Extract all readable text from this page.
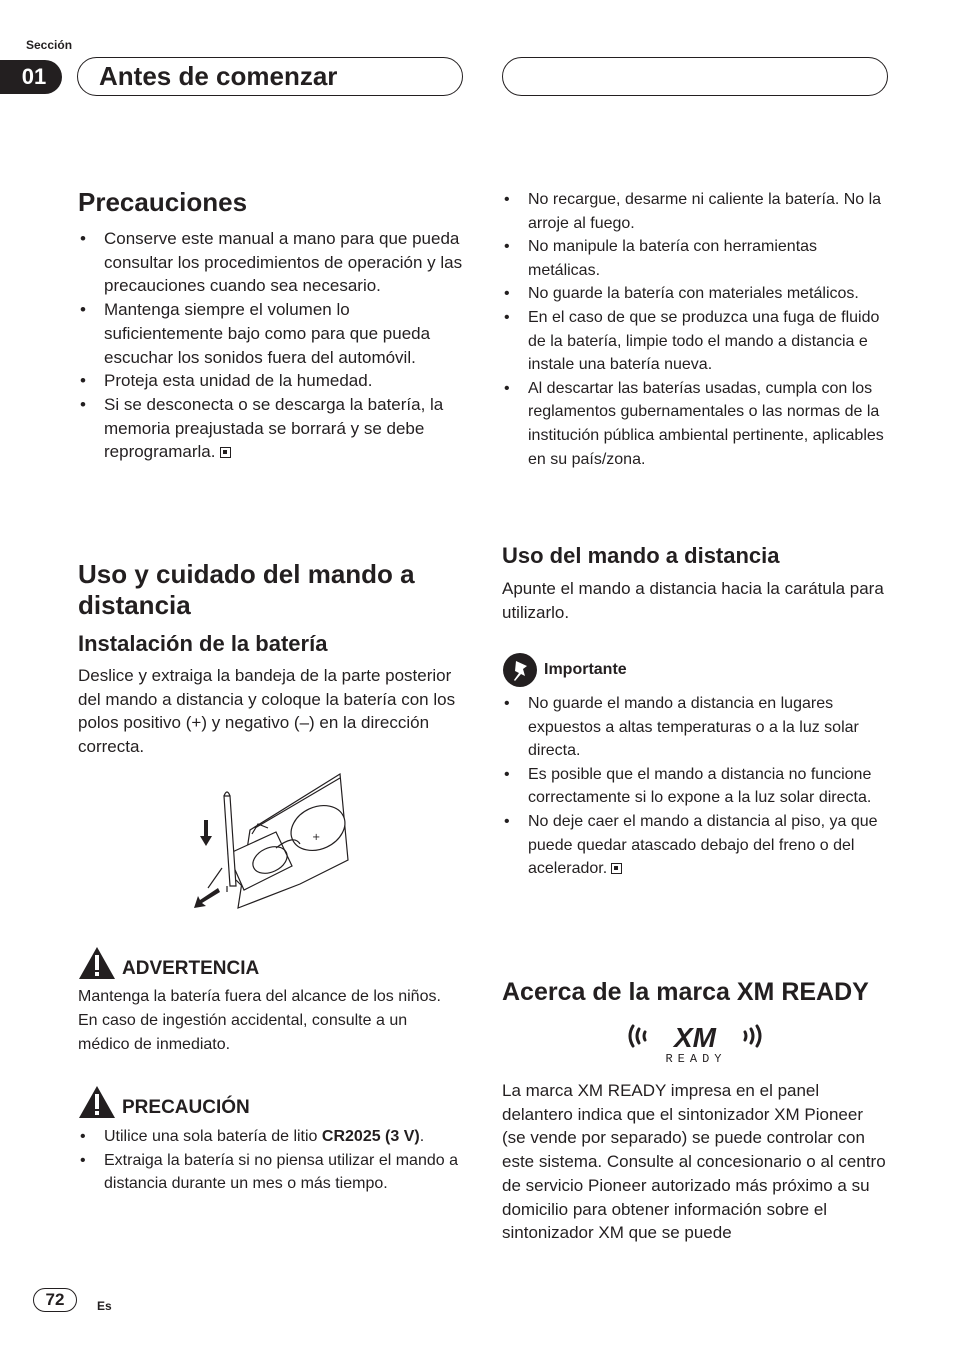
Sección
01	Antes de comenzar
Precauciones
• Conserve este manual a mano para que pueda consultar los procedimientos de operación y las precauciones cuando sea necesario.
• Mantenga siempre el volumen lo suficientemente bajo como para que pueda escuchar los sonidos fuera del automóvil.
• Proteja esta unidad de la humedad.
• Si se desconecta o se descarga la batería, la memoria preajustada se borrará y se debe reprogramarla.
Uso y cuidado del mando a distancia
Instalación de la batería
Deslice y extraiga la bandeja de la parte posterior del mando a distancia y coloque la batería con los polos positivo (+) y negativo (–) en la dirección correcta.
+
ADVERTENCIA
Mantenga la batería fuera del alcance de los niños. En caso de ingestión accidental, consulte a un médico de inmediato.
PRECAUCIÓN
• Utilice una sola batería de litio CR2025 (3 V).
• Extraiga la batería si no piensa utilizar el mando a distancia durante un mes o más tiempo.
• No recargue, desarme ni caliente la batería. No la arroje al fuego.
• No manipule la batería con herramientas metálicas.
• No guarde la batería con materiales metálicos.
• En el caso de que se produzca una fuga de fluido de la batería, limpie todo el mando a distancia e instale una batería nueva.
• Al descartar las baterías usadas, cumpla con los reglamentos gubernamentales o las normas de la institución pública ambiental pertinente, aplicables en su país/zona.
Uso del mando a distancia
Apunte el mando a distancia hacia la carátula para utilizarlo.
Importante
• No guarde el mando a distancia en lugares expuestos a altas temperaturas o a la luz solar directa.
• Es posible que el mando a distancia no funcione correctamente si lo expone a la luz solar directa.
• No deje caer el mando a distancia al piso, ya que puede quedar atascado debajo del freno o del acelerador.
Acerca de la marca XM READY
XM
READY
La marca XM READY impresa en el panel delantero indica que el sintonizador XM Pioneer (se vende por separado) se puede controlar con este sistema. Consulte al concesionario o al centro de servicio Pioneer autorizado más próximo a su domicilio para obtener información sobre el sintonizador XM que se puede
72	Es
